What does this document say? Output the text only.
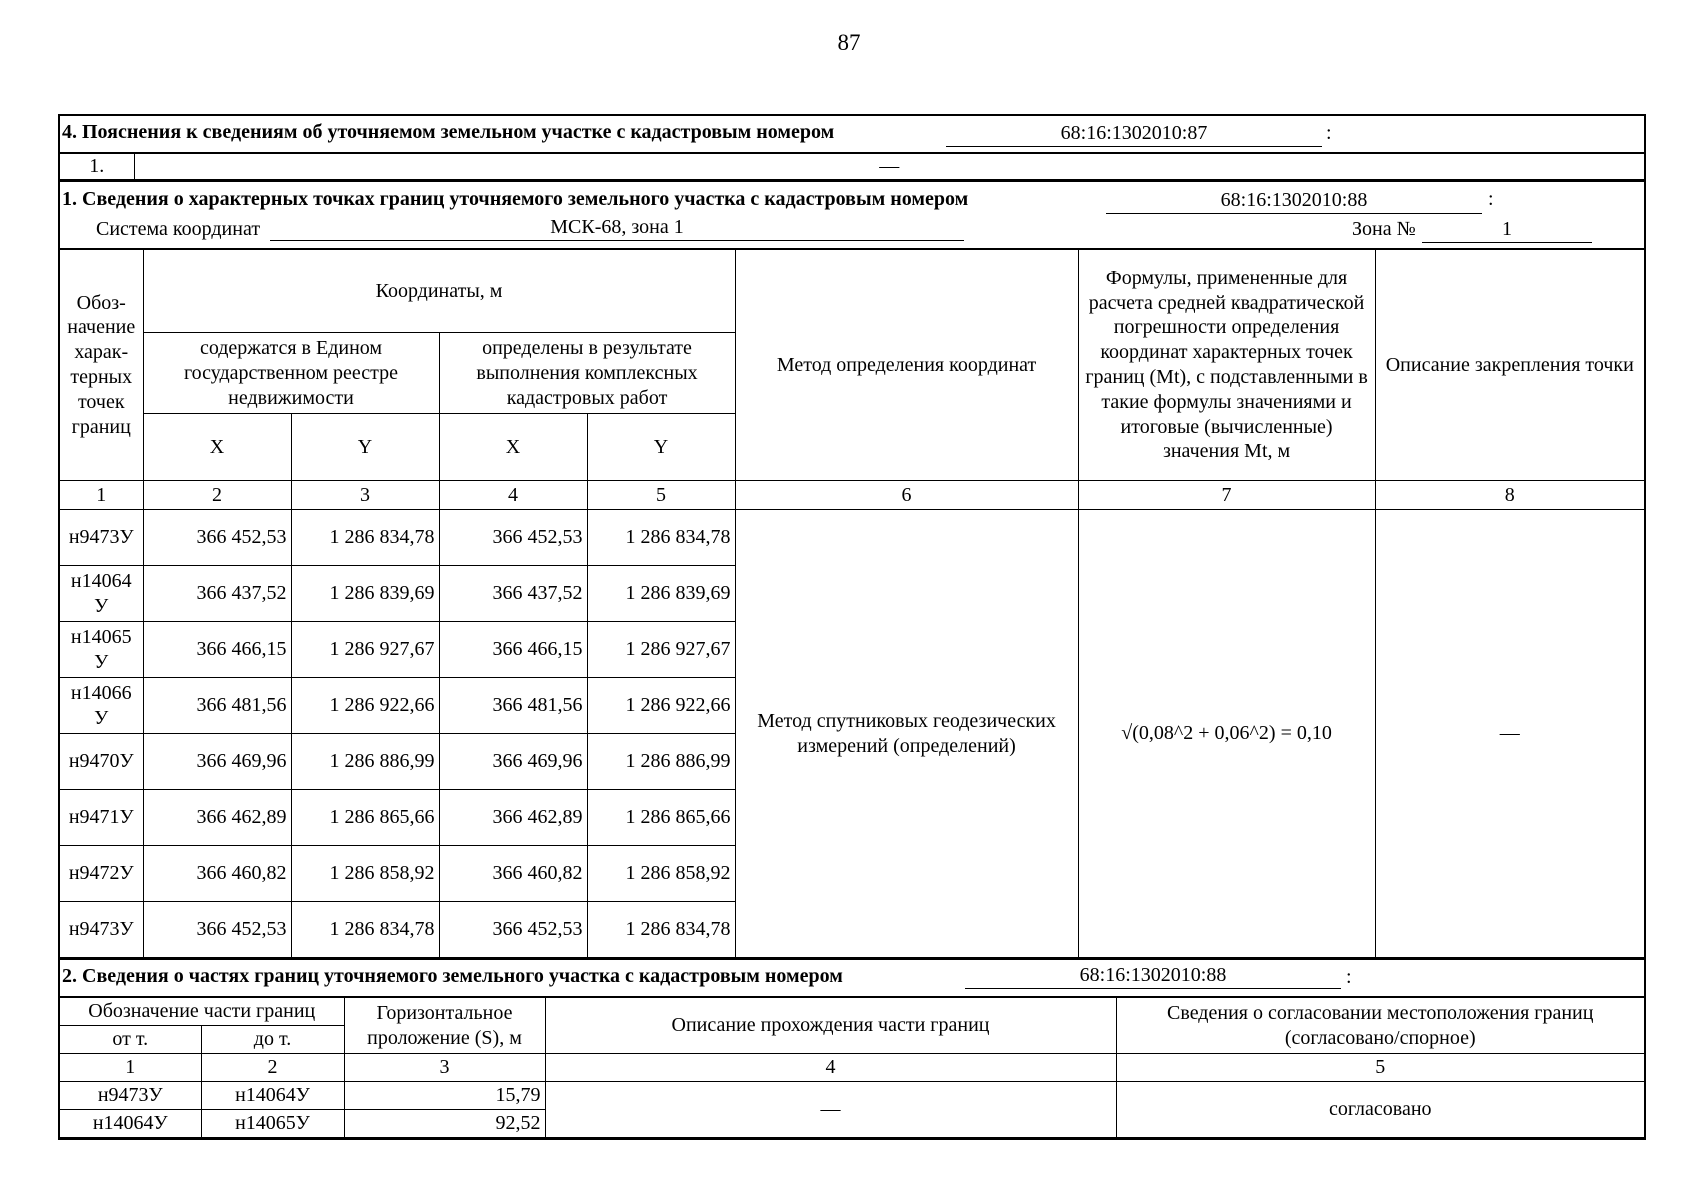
87
4. Пояснения к сведениям об уточняемом земельном участке с кадастровым номером	68:16:1302010:87	:
1.	—
1. Сведения о характерных точках границ уточняемого земельного участка с кадастровым номером	68:16:1302010:88	:
Система координат	МСК-68, зона 1	Зона №	1
Обоз-начение харак-терных точек границ	Координаты, м				Метод определения координат	Формулы, примененные для расчета средней квадратической погрешности определения координат характерных точек границ (Mt), с подставленными в такие формулы значениями и итоговые (вычисленные) значения Mt, м	Описание закрепления точки
	содержатся в Едином государственном реестре недвижимости		определены в результате выполнения комплексных кадастровых работ				
	X	Y	X	Y			
1	2	3	4	5	6	7	8
н9473У	366 452,53	1 286 834,78	366 452,53	1 286 834,78	Метод спутниковых геодезических измерений (определений)	√(0,08^2 + 0,06^2) = 0,10	—
н14064 У	366 437,52	1 286 839,69	366 437,52	1 286 839,69			
н14065 У	366 466,15	1 286 927,67	366 466,15	1 286 927,67			
н14066 У	366 481,56	1 286 922,66	366 481,56	1 286 922,66			
н9470У	366 469,96	1 286 886,99	366 469,96	1 286 886,99			
н9471У	366 462,89	1 286 865,66	366 462,89	1 286 865,66			
н9472У	366 460,82	1 286 858,92	366 460,82	1 286 858,92			
н9473У	366 452,53	1 286 834,78	366 452,53	1 286 834,78			
2. Сведения о частях границ уточняемого земельного участка с кадастровым номером	68:16:1302010:88	:
Обозначение части границ		Горизонтальное проложение (S), м	Описание прохождения части границ	Сведения о согласовании местоположения границ (согласовано/спорное)
от т.	до т.			
1	2	3	4	5
н9473У	н14064У	15,79	—	согласовано
н14064У	н14065У	92,52		
